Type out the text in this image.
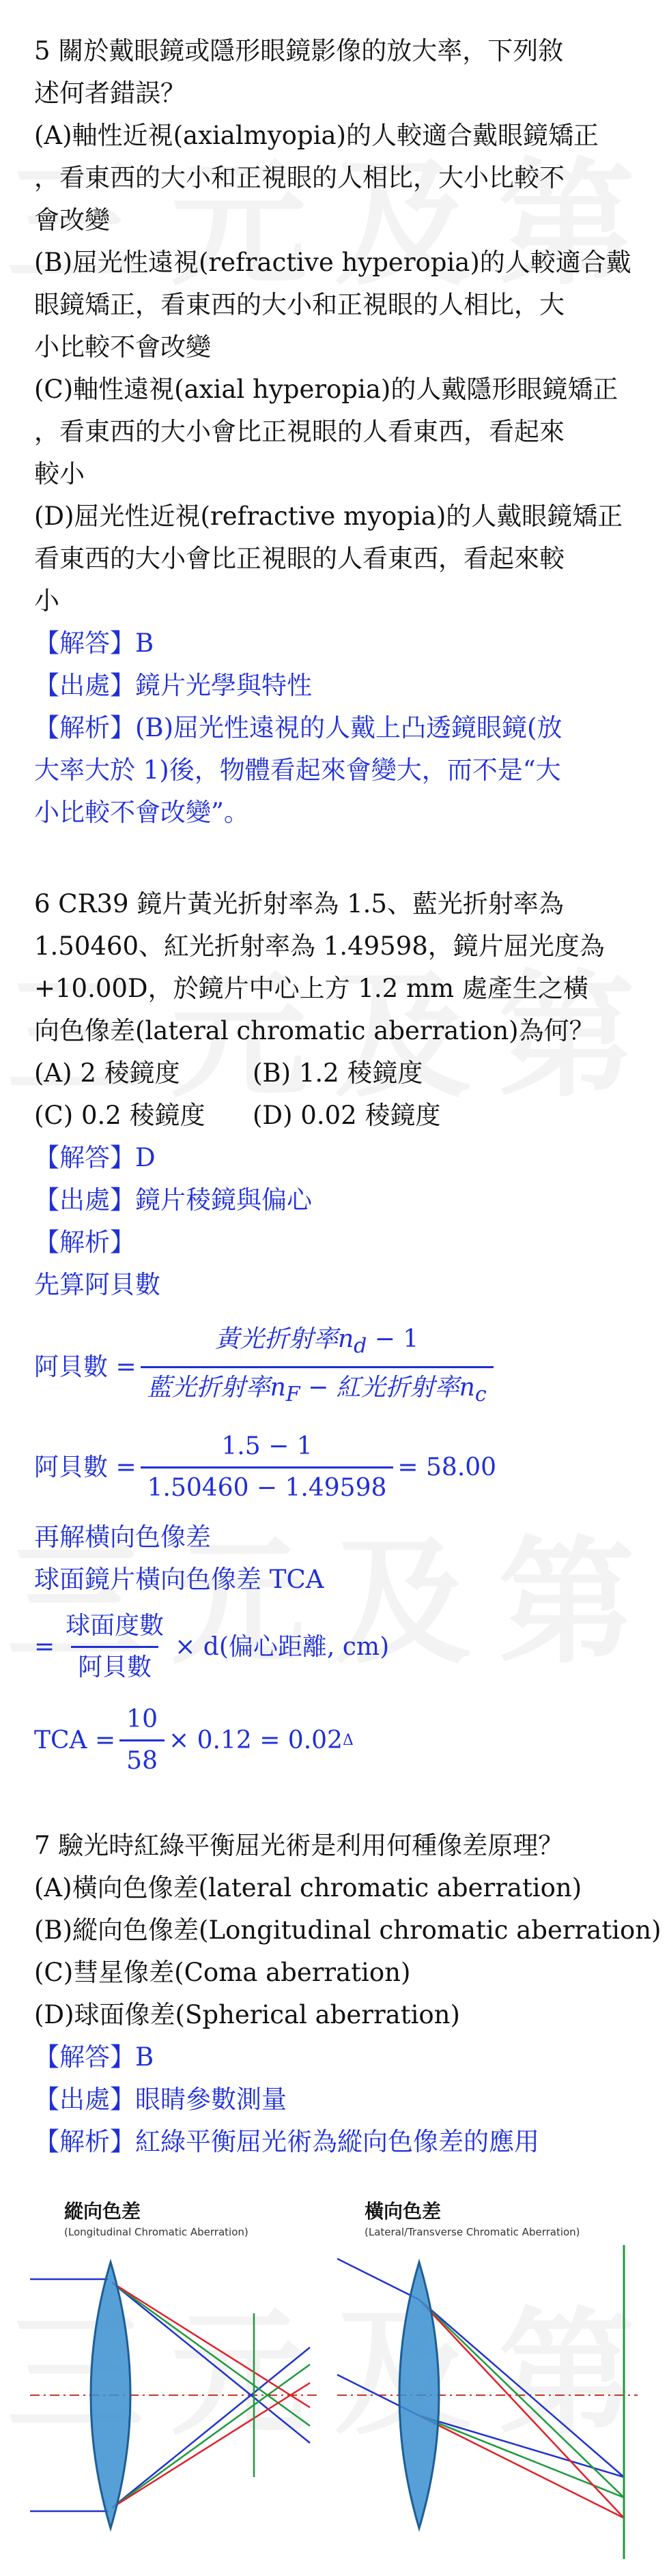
5 關於戴眼鏡或隱形眼鏡影像的放大率，下列敘
述何者錯誤？
(A)軸性近視(axialmyopia)的人較適合戴眼鏡矯正
，看東西的大小和正視眼的人相比，大小比較不
會改變
(B)屈光性遠視(refractive hyperopia)的人較適合戴
眼鏡矯正，看東西的大小和正視眼的人相比，大
小比較不會改變
(C)軸性遠視(axial hyperopia)的人戴隱形眼鏡矯正
，看東西的大小會比正視眼的人看東西，看起來
較小
(D)屈光性近視(refractive myopia)的人戴眼鏡矯正
看東西的大小會比正視眼的人看東西，看起來較
小
【解答】B
【出處】鏡片光學與特性
【解析】(B)屈光性遠視的人戴上凸透鏡眼鏡(放
大率大於 1)後，物體看起來會變大，而不是“大
小比較不會改變”。
6 CR39 鏡片黃光折射率為 1.5、藍光折射率為
1.50460、紅光折射率為 1.49598，鏡片屈光度為
+10.00D，於鏡片中心上方 1.2 mm 處產生之橫
向色像差(lateral chromatic aberration)為何？
(A) 2 稜鏡度	(B) 1.2 稜鏡度
(C) 0.2 稜鏡度 (D) 0.02 稜鏡度
【解答】D
【出處】鏡片稜鏡與偏心
【解析】
先算阿貝數
阿貝數 = $\frac{黃光折射率n_d - 1}{藍光折射率n_F - 紅光折射率n_c}$
阿貝數 = $\frac{1.5 - 1}{1.50460 - 1.49598} = 58.00$
再解橫向色像差
球面鏡片橫向色像差 TCA
= $\frac{\text{球面度數}}{\text{阿貝數}} \times d$(偏心距離, cm)
TCA = $\frac{10}{58} \times 0.12 = 0.02$ Δ
7 驗光時紅綠平衡屈光術是利用何種像差原理？
(A)橫向色像差(lateral chromatic aberration)
(B)縱向色像差(Longitudinal chromatic aberration)
(C)彗星像差(Coma aberration)
(D)球面像差(Spherical aberration)
【解答】B
【出處】眼睛參數測量
【解析】紅綠平衡屈光術為縱向色像差的應用
縱向色差
(Longitudinal Chromatic Aberration)
橫向色差
(Lateral/Transverse Chromatic Aberration)
